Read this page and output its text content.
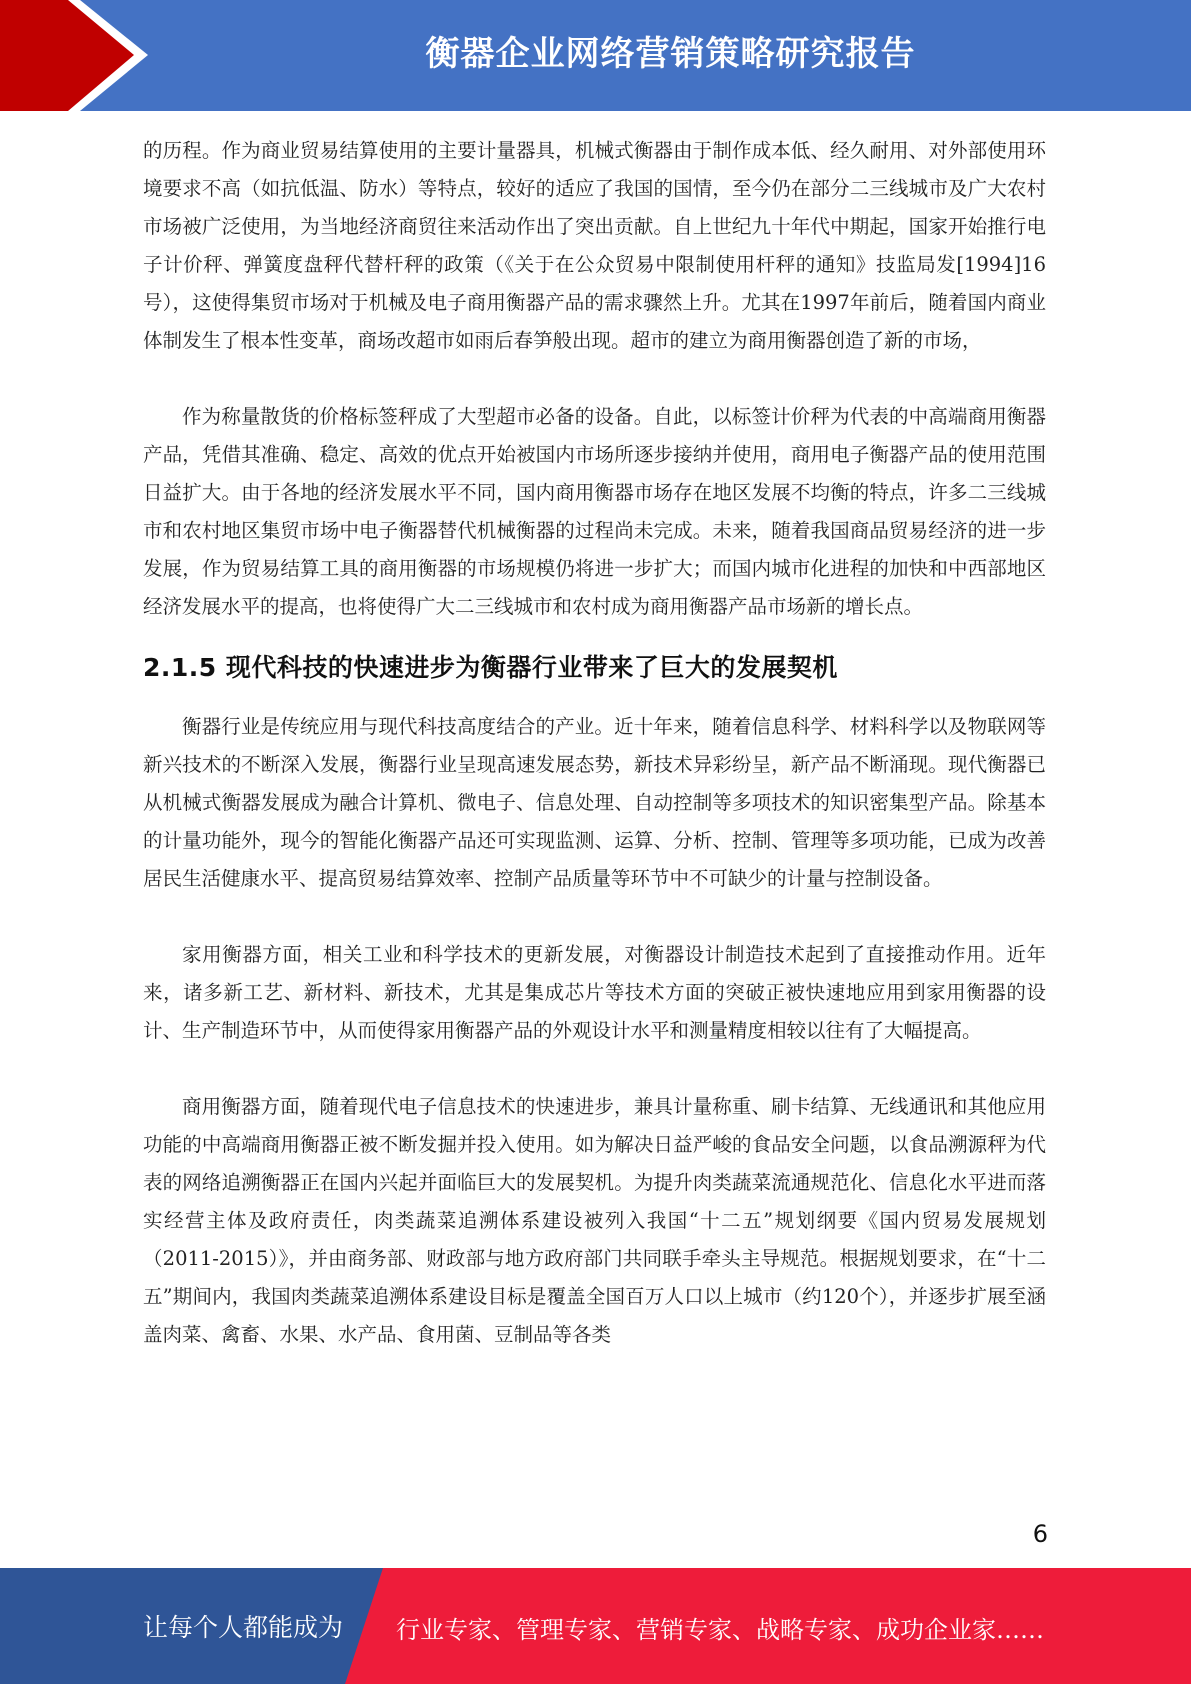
衡器企业网络营销策略研究报告

的历程。作为商业贸易结算使用的主要计量器具，机械式衡器由于制作成本低、经久耐用、对外部使用环境要求不高（如抗低温、防水）等特点，较好的适应了我国的国情，至今仍在部分二三线城市及广大农村市场被广泛使用，为当地经济商贸往来活动作出了突出贡献。自上世纪九十年代中期起，国家开始推行电子计价秤、弹簧度盘秤代替杆秤的政策（《关于在公众贸易中限制使用杆秤的通知》技监局发[1994]16号），这使得集贸市场对于机械及电子商用衡器产品的需求骤然上升。尤其在1997年前后，随着国内商业体制发生了根本性变革，商场改超市如雨后春笋般出现。超市的建立为商用衡器创造了新的市场，

作为称量散货的价格标签秤成了大型超市必备的设备。自此，以标签计价秤为代表的中高端商用衡器产品，凭借其准确、稳定、高效的优点开始被国内市场所逐步接纳并使用，商用电子衡器产品的使用范围日益扩大。由于各地的经济发展水平不同，国内商用衡器市场存在地区发展不均衡的特点，许多二三线城市和农村地区集贸市场中电子衡器替代机械衡器的过程尚未完成。未来，随着我国商品贸易经济的进一步发展，作为贸易结算工具的商用衡器的市场规模仍将进一步扩大；而国内城市化进程的加快和中西部地区经济发展水平的提高，也将使得广大二三线城市和农村成为商用衡器产品市场新的增长点。

2.1.5 现代科技的快速进步为衡器行业带来了巨大的发展契机

衡器行业是传统应用与现代科技高度结合的产业。近十年来，随着信息科学、材料科学以及物联网等新兴技术的不断深入发展，衡器行业呈现高速发展态势，新技术异彩纷呈，新产品不断涌现。现代衡器已从机械式衡器发展成为融合计算机、微电子、信息处理、自动控制等多项技术的知识密集型产品。除基本的计量功能外，现今的智能化衡器产品还可实现监测、运算、分析、控制、管理等多项功能，已成为改善居民生活健康水平、提高贸易结算效率、控制产品质量等环节中不可缺少的计量与控制设备。

家用衡器方面，相关工业和科学技术的更新发展，对衡器设计制造技术起到了直接推动作用。近年来，诸多新工艺、新材料、新技术，尤其是集成芯片等技术方面的突破正被快速地应用到家用衡器的设计、生产制造环节中，从而使得家用衡器产品的外观设计水平和测量精度相较以往有了大幅提高。

商用衡器方面，随着现代电子信息技术的快速进步，兼具计量称重、刷卡结算、无线通讯和其他应用功能的中高端商用衡器正被不断发掘并投入使用。如为解决日益严峻的食品安全问题，以食品溯源秤为代表的网络追溯衡器正在国内兴起并面临巨大的发展契机。为提升肉类蔬菜流通规范化、信息化水平进而落实经营主体及政府责任，肉类蔬菜追溯体系建设被列入我国“十二五”规划纲要《国内贸易发展规划（2011-2015）》，并由商务部、财政部与地方政府部门共同联手牵头主导规范。根据规划要求，在“十二五”期间内，我国肉类蔬菜追溯体系建设目标是覆盖全国百万人口以上城市（约120个），并逐步扩展至涵盖肉菜、禽畜、水果、水产品、食用菌、豆制品等各类

6
让每个人都能成为 行业专家、管理专家、营销专家、战略专家、成功企业家……
